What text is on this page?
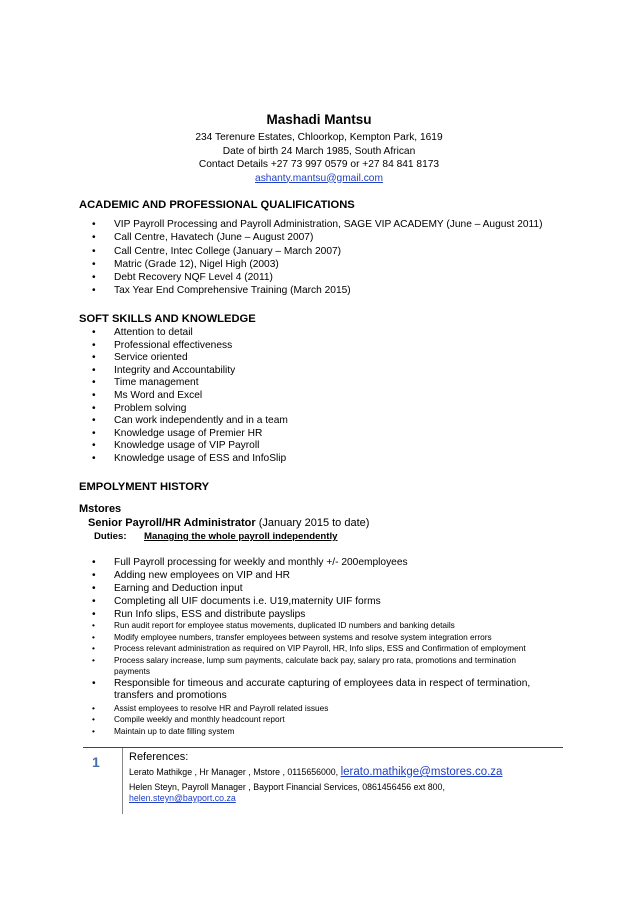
Mashadi Mantsu
234 Terenure Estates, Chloorkop, Kempton Park, 1619
Date of birth 24 March 1985, South African
Contact Details +27 73 997 0579 or +27 84 841 8173
ashanty.mantsu@gmail.com
ACADEMIC AND PROFESSIONAL QUALIFICATIONS
• VIP Payroll Processing and Payroll Administration, SAGE VIP ACADEMY (June – August 2011)
• Call Centre, Havatech (June – August 2007)
• Call Centre, Intec College (January – March 2007)
• Matric (Grade 12), Nigel High (2003)
• Debt Recovery NQF Level 4 (2011)
• Tax Year End Comprehensive Training (March 2015)
SOFT SKILLS AND KNOWLEDGE
• Attention to detail
• Professional effectiveness
• Service oriented
• Integrity and Accountability
• Time management
• Ms Word and Excel
• Problem solving
• Can work independently and in a team
• Knowledge usage of Premier HR
• Knowledge usage of VIP Payroll
• Knowledge usage of ESS and InfoSlip
EMPOLYMENT HISTORY
Mstores
Senior Payroll/HR Administrator (January 2015 to date)
Duties: Managing the whole payroll independently
• Full Payroll processing for weekly and monthly +/- 200employees
• Adding new employees on VIP and HR
• Earning and Deduction input
• Completing all UIF documents i.e. U19,maternity UIF forms
• Run Info slips, ESS and distribute payslips
• Run audit report for employee status movements, duplicated ID numbers and banking details
• Modify employee numbers, transfer employees between systems and resolve system integration errors
• Process relevant administration as required on VIP Payroll, HR, Info slips, ESS and Confirmation of employment
• Process salary increase, lump sum payments, calculate back pay, salary pro rata, promotions and termination payments
• Responsible for timeous and accurate capturing of employees data in respect of termination, transfers and promotions
• Assist employees to resolve HR and Payroll related issues
• Compile weekly and monthly headcount report
• Maintain up to date filling system
1	References:
Lerato Mathikge , Hr Manager , Mstore , 0115656000, lerato.mathikge@mstores.co.za
Helen Steyn, Payroll Manager , Bayport Financial Services, 0861456456 ext 800,
helen.steyn@bayport.co.za
